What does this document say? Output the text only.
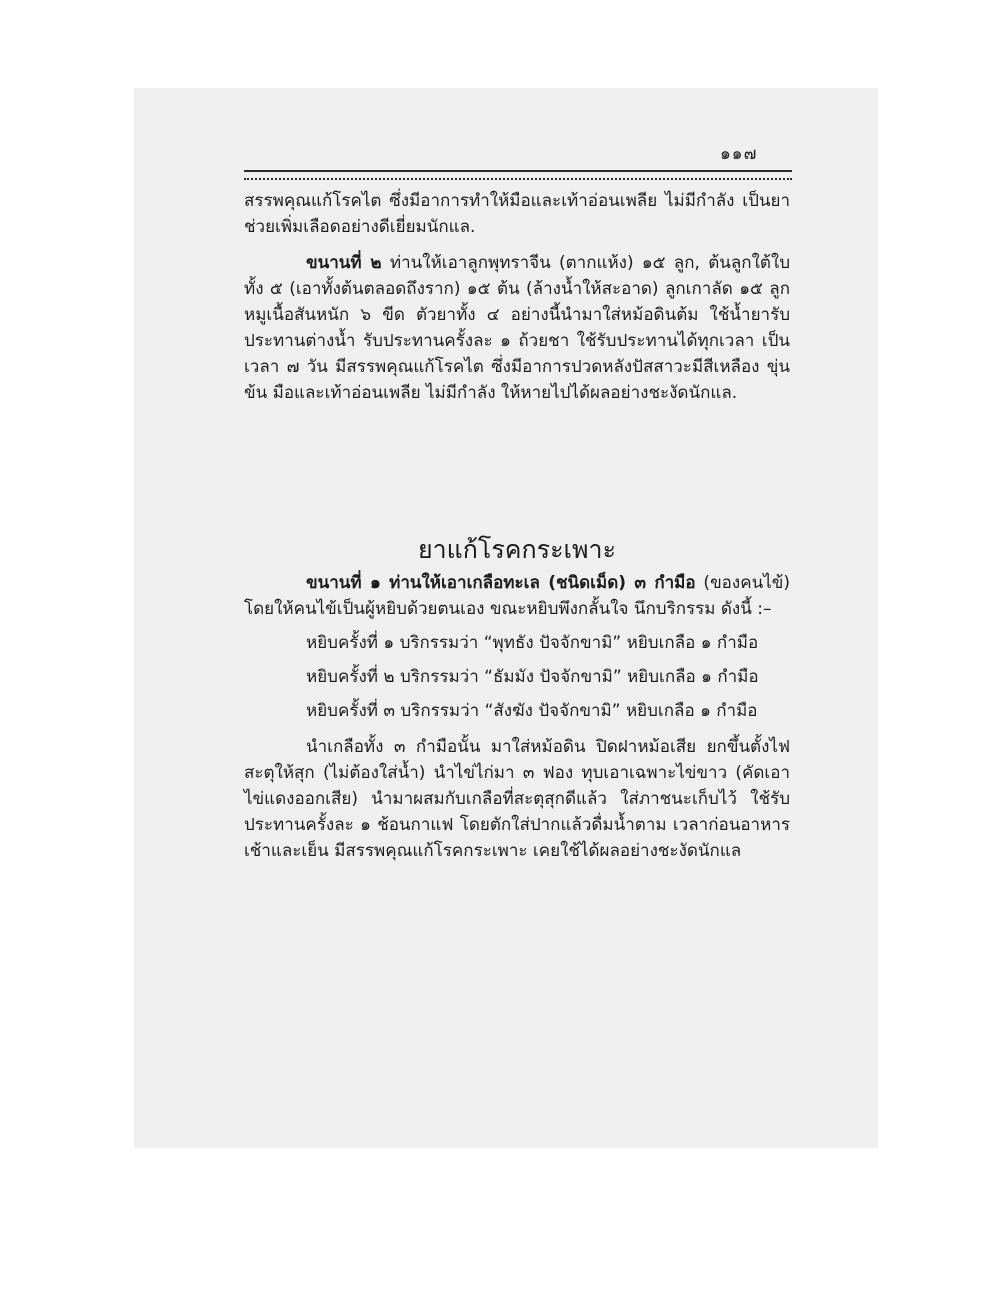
๑๑๗

สรรพคุณแก้โรคไต ซึ่งมีอาการทำให้มือและเท้าอ่อนเพลีย ไม่มีกำลัง เป็นยาช่วยเพิ่มเลือดอย่างดีเยี่ยมนักแล.

ขนานที่ ๒ ท่านให้เอาลูกพุทราจีน (ตากแห้ง) ๑๕ ลูก, ต้นลูกใต้ใบทั้ง ๕ (เอาทั้งต้นตลอดถึงราก) ๑๕ ต้น (ล้างน้ำให้สะอาด) ลูกเกาลัด ๑๕ ลูก หมูเนื้อสันหนัก ๖ ขีด ตัวยาทั้ง ๔ อย่างนี้นำมาใส่หม้อดินต้ม ใช้น้ำยารับประทานต่างน้ำ รับประทานครั้งละ ๑ ถ้วยชา ใช้รับประทานได้ทุกเวลา เป็นเวลา ๗ วัน มีสรรพคุณแก้โรคไต ซึ่งมีอาการปวดหลังปัสสาวะมีสีเหลือง ขุ่นข้น มือและเท้าอ่อนเพลีย ไม่มีกำลัง ให้หายไปได้ผลอย่างชะงัดนักแล.

ยาแก้โรคกระเพาะ

ขนานที่ ๑ ท่านให้เอาเกลือทะเล (ชนิดเม็ด) ๓ กำมือ (ของคนไข้) โดยให้คนไข้เป็นผู้หยิบด้วยตนเอง ขณะหยิบพึงกลั้นใจ นึกบริกรรม ดังนี้ :–

หยิบครั้งที่ ๑ บริกรรมว่า “พุทธัง ปัจจักขามิ” หยิบเกลือ ๑ กำมือ

หยิบครั้งที่ ๒ บริกรรมว่า “ธัมมัง ปัจจักขามิ” หยิบเกลือ ๑ กำมือ

หยิบครั้งที่ ๓ บริกรรมว่า “สังฆัง ปัจจักขามิ” หยิบเกลือ ๑ กำมือ

นำเกลือทั้ง ๓ กำมือนั้น มาใส่หม้อดิน ปิดฝาหม้อเสีย ยกขึ้นตั้งไฟสะตุให้สุก (ไม่ต้องใส่น้ำ) นำไข่ไก่มา ๓ ฟอง ทุบเอาเฉพาะไข่ขาว (คัดเอาไข่แดงออกเสีย) นำมาผสมกับเกลือที่สะตุสุกดีแล้ว ใส่ภาชนะเก็บไว้ ใช้รับประทานครั้งละ ๑ ช้อนกาแฟ โดยตักใส่ปากแล้วดื่มน้ำตาม เวลาก่อนอาหารเช้าและเย็น มีสรรพคุณแก้โรคกระเพาะ เคยใช้ได้ผลอย่างชะงัดนักแล
